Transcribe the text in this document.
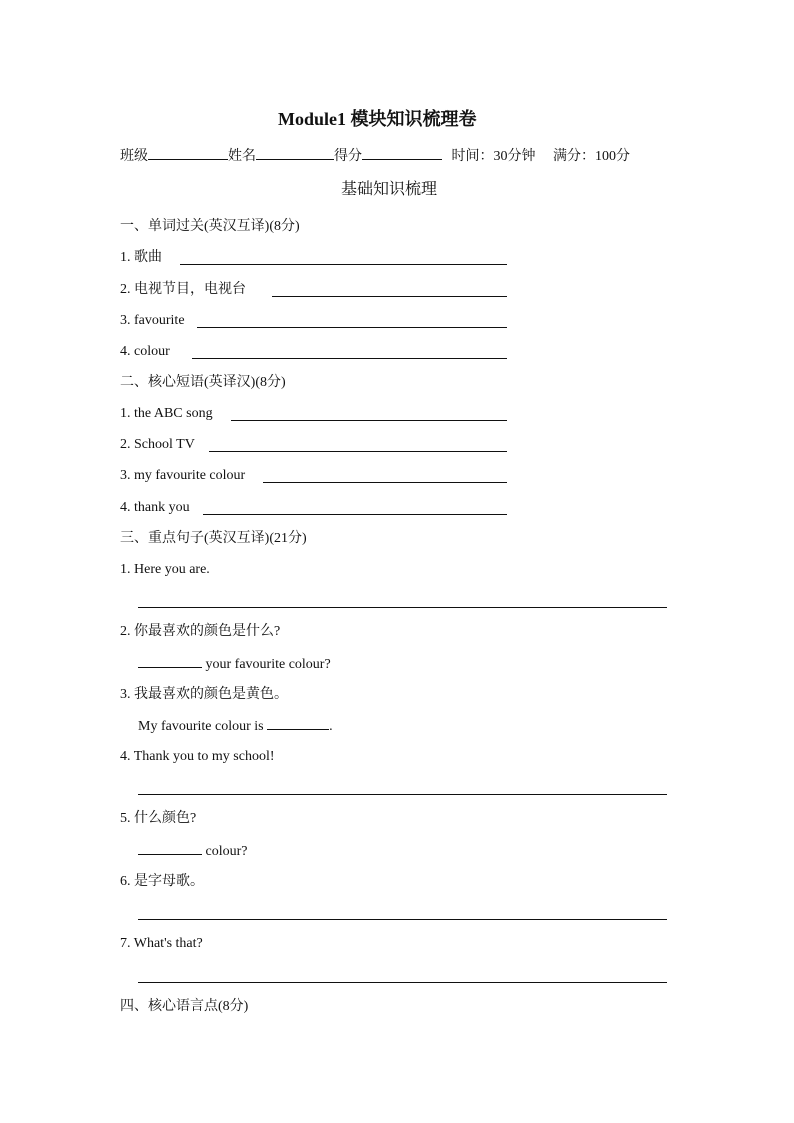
Module1 模块知识梳理卷
班级	姓名	得分	时间：30分钟 满分：100分
基础知识梳理
一、单词过关(英汉互译)(8分)
1. 歌曲
2. 电视节目，电视台
3. favourite
4. colour
二、核心短语(英译汉)(8分)
1. the ABC song
2. School TV
3. my favourite colour
4. thank you
三、重点句子(英汉互译)(21分)
1. Here you are.
2. 你最喜欢的颜色是什么?
your favourite colour?
3. 我最喜欢的颜色是黄色。
My favourite colour is	.
4. Thank you to my school!
5. 什么颜色?
colour?
6. 是字母歌。
7. What's that?
四、核心语言点(8分)
